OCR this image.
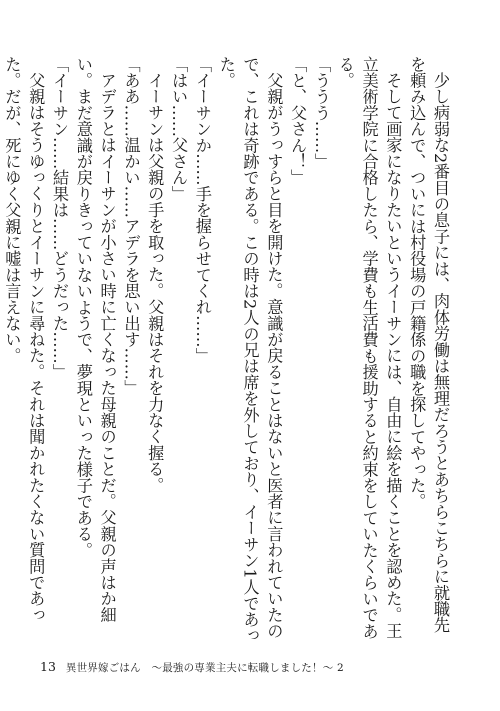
少し病弱な2番目の息子には、肉体労働は無理だろうとあちらこちらに就職先を頼み込んで、ついには村役場の戸籍係の職を探してやった。

そして画家になりたいというイーサンには、自由に絵を描くことを認めた。王立美術学院に合格したら、学費も生活費も援助すると約束をしていたくらいである。

「ううう……」

「と、父さん！」

父親がうっすらと目を開けた。意識が戻ることはないと医者に言われていたので、これは奇跡である。この時は2人の兄は席を外しており、イーサン1人であった。

「イーサンか……手を握らせてくれ……」

「はい……父さん」

イーサンは父親の手を取った。父親はそれを力なく握る。

「ああ……温かい……アデラを思い出す……」

アデラとはイーサンが小さい時に亡くなった母親のことだ。父親の声はか細い。まだ意識が戻りきっていないようで、夢現といった様子である。

「イーサン……結果は……どうだった……」

父親はそうゆっくりとイーサンに尋ねた。それは聞かれたくない質問であった。だが、死にゆく父親に嘘は言えない。

13 異世界嫁ごはん　～最強の専業主夫に転職しました！～ 2
